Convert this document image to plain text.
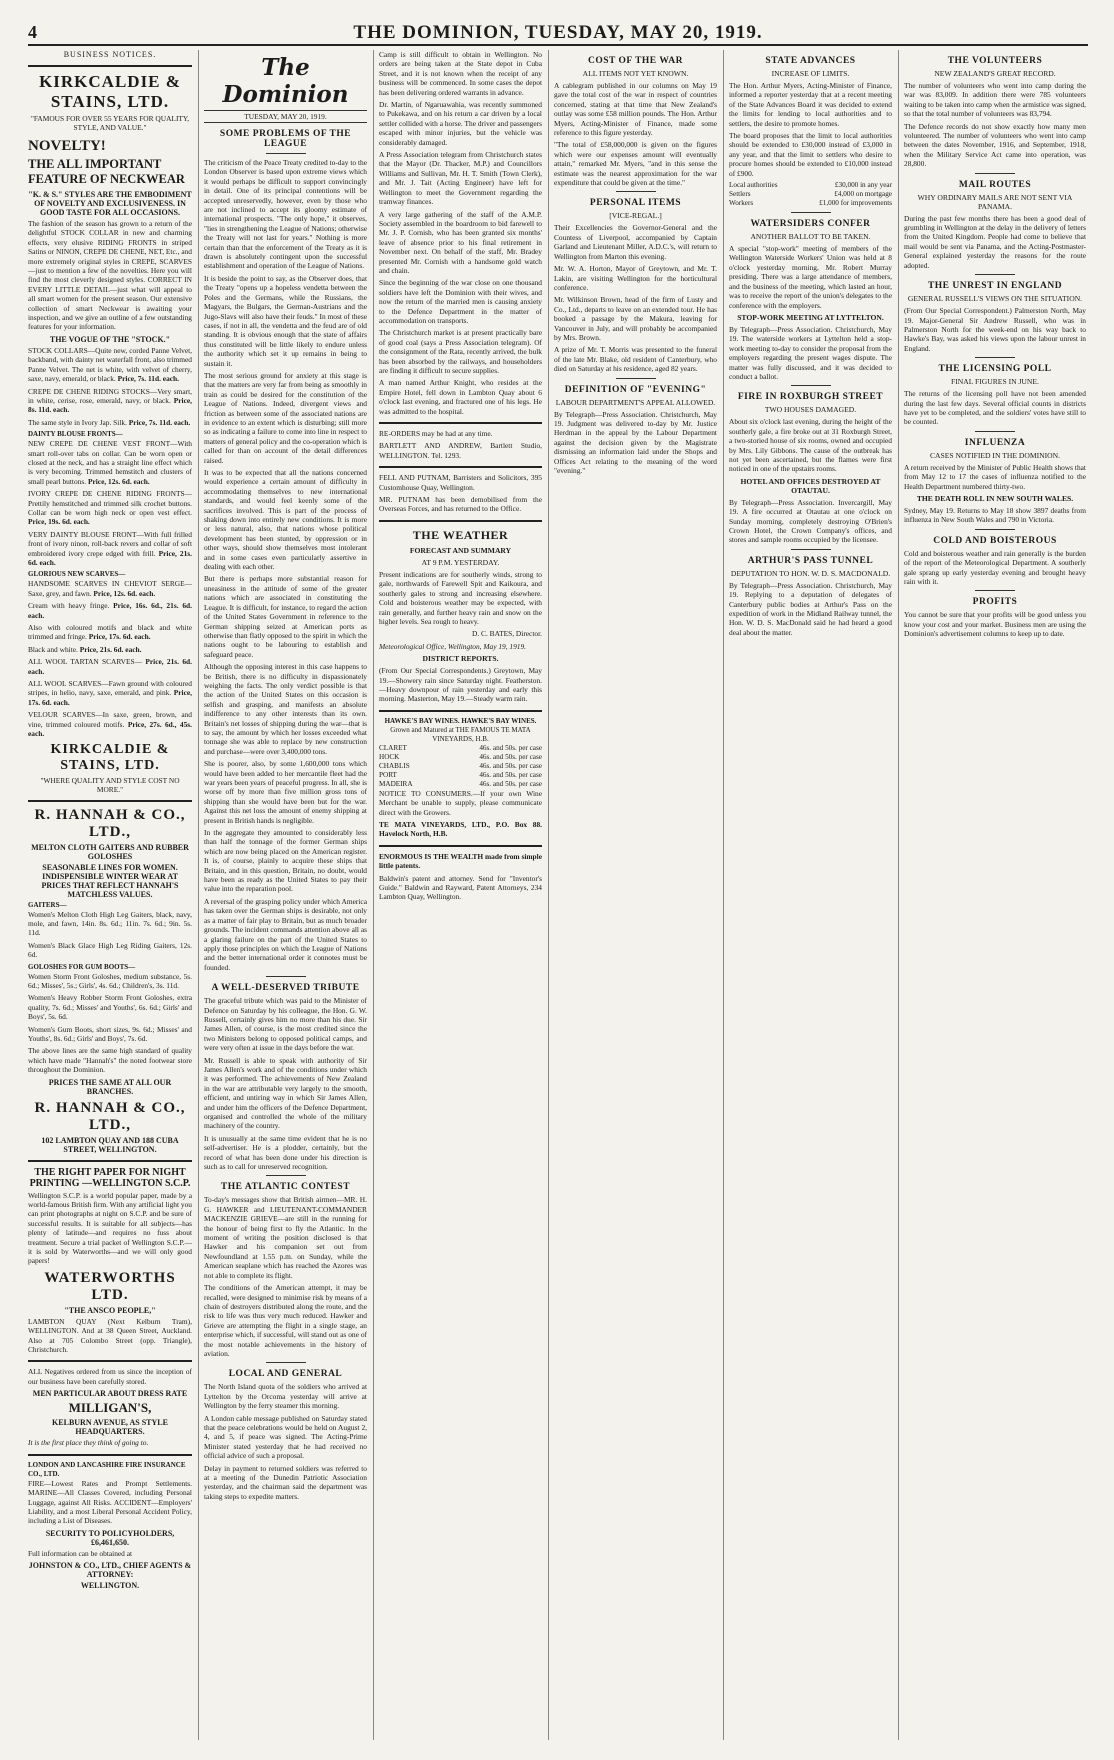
4	THE DOMINION, TUESDAY, MAY 20, 1919.
BUSINESS NOTICES.
KIRKCALDIE & STAINS, LTD.
"FAMOUS FOR OVER 55 YEARS FOR QUALITY, STYLE, AND VALUE."
NOVELTY!
THE ALL IMPORTANT FEATURE OF NECKWEAR
"K. & S." STYLES ARE THE EMBODIMENT OF NOVELTY AND EXCLUSIVENESS. IN GOOD TASTE FOR ALL OCCASIONS.

The fashion of the season has grown to a return of the delightful STOCK COLLAR in new and charming effects, very elusive RIDING FRONTS in striped Satins or NINON, CREPE DE CHENE, NET, Etc., and more extremely original styles in CREPE, SCARVES—just to mention a few of the novelties. Here you will find the most cleverly designed styles. CORRECT IN EVERY LITTLE DETAIL—just what will appeal to all smart women for the present season. Our extensive collection of smart Neckwear is awaiting your inspection, and we give an outline of a few outstanding features for your information.

THE VOGUE OF THE "STOCK."

STOCK COLLARS—Quite new, corded Panne Velvet, backband, with dainty net waterfall front, also trimmed Panne Velvet. The net is white, with velvet of cherry, saxe, navy, emerald, or black. Price, 7s. 11d. each.

CREPE DE CHENE RIDING STOCKS—Very smart, in white, cerise, rose, emerald, navy, or black. Price, 8s. 11d. each.

The same style in Ivory Jap. Silk. Price, 7s. 11d. each.

DAINTY BLOUSE FRONTS—

NEW CREPE DE CHENE VEST FRONT—With smart roll-over tabs on collar. Can be worn open or closed at the neck, and has a straight line effect which is very becoming. Trimmed hemstitch and clusters of small pearl buttons. Price, 12s. 6d. each.

IVORY CREPE DE CHENE RIDING FRONTS—Prettily hemstitched and trimmed silk crochet buttons. Collar can be worn high neck or open vest effect. Price, 19s. 6d. each.

VERY DAINTY BLOUSE FRONT—With full frilled front of ivory ninon, roll-back revers and collar of soft embroidered ivory crepe edged with frill. Price, 21s. 6d. each.

GLORIOUS NEW SCARVES—

HANDSOME SCARVES IN CHEVIOT SERGE— Saxe, grey, and fawn. Price, 12s. 6d. each.

Cream with heavy fringe. Price, 16s. 6d., 21s. 6d. each.

Also with coloured motifs and black and white trimmed and fringe. Price, 17s. 6d. each.

Black and white. Price, 21s. 6d. each.

ALL WOOL TARTAN SCARVES— Price, 21s. 6d. each.

ALL WOOL SCARVES—Fawn ground with coloured stripes, in helio, navy, saxe, emerald, and pink. Price, 17s. 6d. each.

VELOUR SCARVES—In saxe, green, brown, and vine, trimmed coloured motifs. Price, 27s. 6d., 45s. each.

KIRKCALDIE & STAINS, LTD.
"WHERE QUALITY AND STYLE COST NO MORE."
R. HANNAH & CO., LTD.,
MELTON CLOTH GAITERS AND RUBBER GOLOSHES
SEASONABLE LINES FOR WOMEN. INDISPENSIBLE WINTER WEAR AT PRICES THAT REFLECT HANNAH'S MATCHLESS VALUES.
GAITERS—

Women's Melton Cloth High Leg Gaiters, black, navy, mole, and fawn, 14in. 8s. 6d.; 11in. 7s. 6d.; 9in. 5s. 11d.

Women's Black Glace High Leg Riding Gaiters, 12s. 6d.

GOLOSHES FOR GUM BOOTS—

Women Storm Front Goloshes, medium substance, 5s. 6d.; Misses', 5s.; Girls', 4s. 6d.; Children's, 3s. 11d.

Women's Heavy Robber Storm Front Goloshes, extra quality, 7s. 6d.; Misses' and Youths', 6s. 6d.; Girls' and Boys', 5s. 6d.

Women's Gum Boots, short sizes, 9s. 6d.; Misses' and Youths', 8s. 6d.; Girls' and Boys', 7s. 6d.

The above lines are the same high standard of quality which have made "Hannah's" the noted footwear store throughout the Dominion.

PRICES THE SAME AT ALL OUR BRANCHES.
R. HANNAH & CO., LTD.,
102 LAMBTON QUAY AND 188 CUBA STREET, WELLINGTON.
THE RIGHT PAPER FOR NIGHT PRINTING —WELLINGTON S.C.P.

Wellington S.C.P. is a world popular paper, made by a world-famous British firm. With any artificial light you can print photographs at night on S.C.P. and be sure of successful results. It is suitable for all subjects—has plenty of latitude—and requires no fuss about treatment. Secure a trial packet of Wellington S.C.P.—it is sold by Waterworths—and we will only good papers!

WATERWORTHS LTD.
"THE ANSCO PEOPLE,"

LAMBTON QUAY (Next Kelburn Tram), WELLINGTON. And at 38 Queen Street, Auckland. Also at 705 Colombo Street (opp. Triangle), Christchurch.

ALL Negatives ordered from us since the inception of our business have been carefully stored.

MEN PARTICULAR ABOUT DRESS RATE
MILLIGAN'S,
KELBURN AVENUE, AS STYLE HEADQUARTERS.

It is the first place they think of going to.

LONDON AND LANCASHIRE FIRE INSURANCE CO., LTD.

FIRE—Lowest Rates and Prompt Settlements. MARINE—All Classes Covered, including Personal Luggage, against All Risks. ACCIDENT—Employers' Liability, and a most Liberal Personal Accident Policy, including a List of Diseases.

SECURITY TO POLICYHOLDERS, £6,461,650.

Full information can be obtained at

JOHNSTON & CO., LTD., CHIEF AGENTS & ATTORNEY:
WELLINGTON.
The Dominion
TUESDAY, MAY 20, 1919.
SOME PROBLEMS OF THE LEAGUE

The criticism of the Peace Treaty credited to-day to the London Observer is based upon extreme views which it would perhaps be difficult to support convincingly in detail. One of its principal contentions will be accepted unreservedly, however, even by those who are not inclined to accept its gloomy estimate of international prospects. "The only hope," it observes, "lies in strengthening the League of Nations; otherwise the Treaty will not last for years." Nothing is more certain than that the enforcement of the Treaty as it is drawn is absolutely contingent upon the successful establishment and operation of the League of Nations.

It is beside the point to say, as the Observer does, that the Treaty "opens up a hopeless vendetta between the Poles and the Germans, while the Russians, the Magyars, the Bulgars, the German-Austrians and the Jugo-Slavs will also have their feuds." In most of these cases, if not in all, the vendetta and the feud are of old standing. It is obvious enough that the state of affairs thus constituted will be little likely to endure unless the authority which set it up remains in being to sustain it.

The most serious ground for anxiety at this stage is that the matters are very far from being as smoothly in train as could be desired for the constitution of the League of Nations. Indeed, divergent views and friction as between some of the associated nations are in evidence to an extent which is disturbing; still more so as indicating a failure to come into line in respect to matters of general policy and the co-operation which is called for than on account of the detail differences raised.

It was to be expected that all the nations concerned would experience a certain amount of difficulty in accommodating themselves to new international standards, and would feel keenly some of the sacrifices involved. This is part of the process of shaking down into entirely new conditions. It is more or less natural, also, that nations whose political development has been stunted, by oppression or in other ways, should show themselves most intolerant and in some cases even particularly assertive in dealing with each other.

But there is perhaps more substantial reason for uneasiness in the attitude of some of the greater nations which are associated in constituting the League. It is difficult, for instance, to regard the action of the United States Government in reference to the German shipping seized at American ports as otherwise than flatly opposed to the spirit in which the nations ought to be labouring to establish and safeguard peace.

Although the opposing interest in this case happens to be British, there is no difficulty in dispassionately weighing the facts. The only verdict possible is that the action of the United States on this occasion is selfish and grasping, and manifests an absolute indifference to any other interests than its own. Britain's net losses of shipping during the war—that is to say, the amount by which her losses exceeded what tonnage she was able to replace by new construction and purchase—were over 3,400,000 tons.

She is poorer, also, by some 1,600,000 tons which would have been added to her mercantile fleet had the war years been years of peaceful progress. In all, she is worse off by more than five million gross tons of shipping than she would have been but for the war. Against this net loss the amount of enemy shipping at present in British hands is negligible.

In the aggregate they amounted to considerably less than half the tonnage of the former German ships which are now being placed on the American register. It is, of course, plainly to acquire these ships that Britain, and in this question, Britain, no doubt, would have been as ready as the United States to pay their value into the reparation pool.

A reversal of the grasping policy under which America has taken over the German ships is desirable, not only as a matter of fair play to Britain, but as much broader grounds. The incident commands attention above all as a glaring failure on the part of the United States to apply those principles on which the League of Nations and the better international order it connotes must be founded.

A WELL-DESERVED TRIBUTE

The graceful tribute which was paid to the Minister of Defence on Saturday by his colleague, the Hon. G. W. Russell, certainly gives him no more than his due. Sir James Allen, of course, is the most credited since the two Ministers belong to opposed political camps, and were very often at issue in the days before the war.

Mr. Russell is able to speak with authority of Sir James Allen's work and of the conditions under which it was performed. The achievements of New Zealand in the war are attributable very largely to the smooth, efficient, and untiring way in which Sir James Allen, and under him the officers of the Defence Department, organised and controlled the whole of the military machinery of the country.

It is unusually at the same time evident that he is no self-advertiser. He is a plodder, certainly, but the record of what has been done under his direction is such as to call for unreserved recognition.

THE ATLANTIC CONTEST

To-day's messages show that British airmen—MR. H. G. HAWKER and LIEUTENANT-COMMANDER MACKENZIE GRIEVE—are still in the running for the honour of being first to fly the Atlantic. In the moment of writing the position disclosed is that Hawker and his companion set out from Newfoundland at 1.55 p.m. on Sunday, while the American seaplane which has reached the Azores was not able to complete its flight.

The conditions of the American attempt, it may be recalled, were designed to minimise risk by means of a chain of destroyers distributed along the route, and the risk to life was thus very much reduced. Hawker and Grieve are attempting the flight in a single stage, an enterprise which, if successful, will stand out as one of the most notable achievements in the history of aviation.

LOCAL AND GENERAL

The North Island quota of the soldiers who arrived at Lyttelton by the Orcoma yesterday will arrive at Wellington by the ferry steamer this morning.

A London cable message published on Saturday stated that the peace celebrations would be held on August 2, 4, and 5, if peace was signed. The Acting-Prime Minister stated yesterday that he had received no official advice of such a proposal.

Delay in payment to returned soldiers was referred to at a meeting of the Dunedin Patriotic Association yesterday, and the chairman said the department was taking steps to expedite matters.

Camp is still difficult to obtain in Wellington. No orders are being taken at the State depot in Cuba Street, and it is not known when the receipt of any business will be commenced. In some cases the depot has been delivering ordered warrants in advance.

Dr. Martin, of Ngaruawahia, was recently summoned to Pukekawa, and on his return a car driven by a local settler collided with a horse. The driver and passengers escaped with minor injuries, but the vehicle was considerably damaged.

A Press Association telegram from Christchurch states that the Mayor (Dr. Thacker, M.P.) and Councillors Williams and Sullivan, Mr. H. T. Smith (Town Clerk), and Mr. J. Tait (Acting Engineer) have left for Wellington to meet the Government regarding the tramway finances.

A very large gathering of the staff of the A.M.P. Society assembled in the boardroom to bid farewell to Mr. J. P. Cornish, who has been granted six months' leave of absence prior to his final retirement in November next. On behalf of the staff, Mr. Bradey presented Mr. Cornish with a handsome gold watch and chain.

Since the beginning of the war close on one thousand soldiers have left the Dominion with their wives, and now the return of the married men is causing anxiety to the Defence Department in the matter of accommodation on transports.

The Christchurch market is at present practically bare of good coal (says a Press Association telegram). Of the consignment of the Rata, recently arrived, the bulk has been absorbed by the railways, and householders are finding it difficult to secure supplies.

A man named Arthur Knight, who resides at the Empire Hotel, fell down in Lambton Quay about 6 o'clock last evening, and fractured one of his legs. He was admitted to the hospital.

RE-ORDERS may be had at any time.

BARTLETT AND ANDREW, Bartlett Studio, WELLINGTON. Tel. 1293.

FELL AND PUTNAM, Barristers and Solicitors, 395 Customhouse Quay, Wellington.

MR. PUTNAM has been demobilised from the Overseas Forces, and has returned to the Office.

THE WEATHER
FORECAST AND SUMMARY
AT 9 P.M. YESTERDAY.

Present indications are for southerly winds, strong to gale, northwards of Farewell Spit and Kaikoura, and southerly gales to strong and increasing elsewhere. Cold and boisterous weather may be expected, with rain generally, and further heavy rain and snow on the higher levels. Sea rough to heavy.

D. C. BATES, Director.

Meteorological Office, Wellington, May 19, 1919.

DISTRICT REPORTS.

(From Our Special Correspondents.) Greytown, May 19.—Showery rain since Saturday night. Featherston.—Heavy downpour of rain yesterday and early this morning. Masterton, May 19.—Steady warm rain.

HAWKE'S BAY WINES. HAWKE'S BAY WINES.
Grown and Matured at THE FAMOUS TE MATA VINEYARDS, H.B.
CLARET	46s. and 50s. per case
HOCK	46s. and 50s. per case
CHABLIS	46s. and 50s. per case
PORT	46s. and 50s. per case
MADEIRA	46s. and 50s. per case

NOTICE TO CONSUMERS.—If your own Wine Merchant be unable to supply, please communicate direct with the Growers.

TE MATA VINEYARDS, LTD., P.O. Box 88. Havelock North, H.B.

ENORMOUS IS THE WEALTH made from simple little patents.

Baldwin's patent and attorney. Send for "Inventor's Guide." Baldwin and Rayward, Patent Attorneys, 234 Lambton Quay, Wellington.

COST OF THE WAR
ALL ITEMS NOT YET KNOWN.

A cablegram published in our columns on May 19 gave the total cost of the war in respect of countries concerned, stating at that time that New Zealand's outlay was some £58 million pounds. The Hon. Arthur Myers, Acting-Minister of Finance, made some reference to this figure yesterday.

"The total of £58,000,000 is given on the figures which were our expenses amount will eventually attain," remarked Mr. Myers, "and in this sense the estimate was the nearest approximation for the war expenditure that could be given at the time."

PERSONAL ITEMS
[VICE-REGAL.]

Their Excellencies the Governor-General and the Countess of Liverpool, accompanied by Captain Garland and Lieutenant Miller, A.D.C.'s, will return to Wellington from Marton this evening.

Mr. W. A. Horton, Mayor of Greytown, and Mr. T. Lakin, are visiting Wellington for the horticultural conference.

Mr. Wilkinson Brown, head of the firm of Lusty and Co., Ltd., departs to leave on an extended tour. He has booked a passage by the Makura, leaving for Vancouver in July, and will probably be accompanied by Mrs. Brown.

A prize of Mr. T. Morris was presented to the funeral of the late Mr. Blake, old resident of Canterbury, who died on Saturday at his residence, aged 82 years.

DEFINITION OF "EVENING"
LABOUR DEPARTMENT'S APPEAL ALLOWED.

By Telegraph—Press Association. Christchurch, May 19. Judgment was delivered to-day by Mr. Justice Herdman in the appeal by the Labour Department against the decision given by the Magistrate dismissing an information laid under the Shops and Offices Act relating to the meaning of the word "evening."

STATE ADVANCES
INCREASE OF LIMITS.

The Hon. Arthur Myers, Acting-Minister of Finance, informed a reporter yesterday that at a recent meeting of the State Advances Board it was decided to extend the limits for lending to local authorities and to settlers, the desire to promote homes.

The board proposes that the limit to local authorities should be extended to £30,000 instead of £3,000 in any year, and that the limit to settlers who desire to procure homes should be extended to £10,000 instead of £900.

Local authorities	£30,000 in any year
Settlers	£4,000 on mortgage
Workers	£1,000 for improvements
WATERSIDERS CONFER
ANOTHER BALLOT TO BE TAKEN.

A special "stop-work" meeting of members of the Wellington Waterside Workers' Union was held at 8 o'clock yesterday morning, Mr. Robert Murray presiding. There was a large attendance of members, and the business of the meeting, which lasted an hour, was to receive the report of the union's delegates to the conference with the employers.

STOP-WORK MEETING AT LYTTELTON.

By Telegraph—Press Association. Christchurch, May 19. The waterside workers at Lyttelton held a stop-work meeting to-day to consider the proposal from the employers regarding the present wages dispute. The matter was fully discussed, and it was decided to conduct a ballot.

FIRE IN ROXBURGH STREET
TWO HOUSES DAMAGED.

About six o'clock last evening, during the height of the southerly gale, a fire broke out at 31 Roxburgh Street, a two-storied house of six rooms, owned and occupied by Mrs. Lily Gibbons. The cause of the outbreak has not yet been ascertained, but the flames were first noticed in one of the upstairs rooms.

HOTEL AND OFFICES DESTROYED AT OTAUTAU.

By Telegraph—Press Association. Invercargill, May 19. A fire occurred at Otautau at one o'clock on Sunday morning, completely destroying O'Brien's Crown Hotel, the Crown Company's offices, and stores and sample rooms occupied by the licensee.

ARTHUR'S PASS TUNNEL
DEPUTATION TO HON. W. D. S. MACDONALD.

By Telegraph—Press Association. Christchurch, May 19. Replying to a deputation of delegates of Canterbury public bodies at Arthur's Pass on the expedition of work in the Midland Railway tunnel, the Hon. W. D. S. MacDonald said he had heard a good deal about the matter.

THE VOLUNTEERS
NEW ZEALAND'S GREAT RECORD.

The number of volunteers who went into camp during the war was 83,009. In addition there were 785 volunteers waiting to be taken into camp when the armistice was signed, so that the total number of volunteers was 83,794.

The Defence records do not show exactly how many men volunteered. The number of volunteers who went into camp between the dates November, 1916, and September, 1918, when the Military Service Act came into operation, was 28,800.

MAIL ROUTES
WHY ORDINARY MAILS ARE NOT SENT VIA PANAMA.

During the past few months there has been a good deal of grumbling in Wellington at the delay in the delivery of letters from the United Kingdom. People had come to believe that mail would be sent via Panama, and the Acting-Postmaster-General explained yesterday the reasons for the route adopted.

THE UNREST IN ENGLAND
GENERAL RUSSELL'S VIEWS ON THE SITUATION.

(From Our Special Correspondent.) Palmerston North, May 19. Major-General Sir Andrew Russell, who was in Palmerston North for the week-end on his way back to Hawke's Bay, was asked his views upon the labour unrest in England.

THE LICENSING POLL
FINAL FIGURES IN JUNE.

The returns of the licensing poll have not been amended during the last few days. Several official counts in districts have yet to be completed, and the soldiers' votes have still to be counted.

INFLUENZA
CASES NOTIFIED IN THE DOMINION.

A return received by the Minister of Public Health shows that from May 12 to 17 the cases of influenza notified to the Health Department numbered thirty-two.

THE DEATH ROLL IN NEW SOUTH WALES.

Sydney, May 19. Returns to May 18 show 3897 deaths from influenza in New South Wales and 790 in Victoria.

COLD AND BOISTEROUS

Cold and boisterous weather and rain generally is the burden of the report of the Meteorological Department. A southerly gale sprang up early yesterday evening and brought heavy rain with it.

PROFITS

You cannot be sure that your profits will be good unless you know your cost and your market. Business men are using the Dominion's advertisement columns to keep up to date.
